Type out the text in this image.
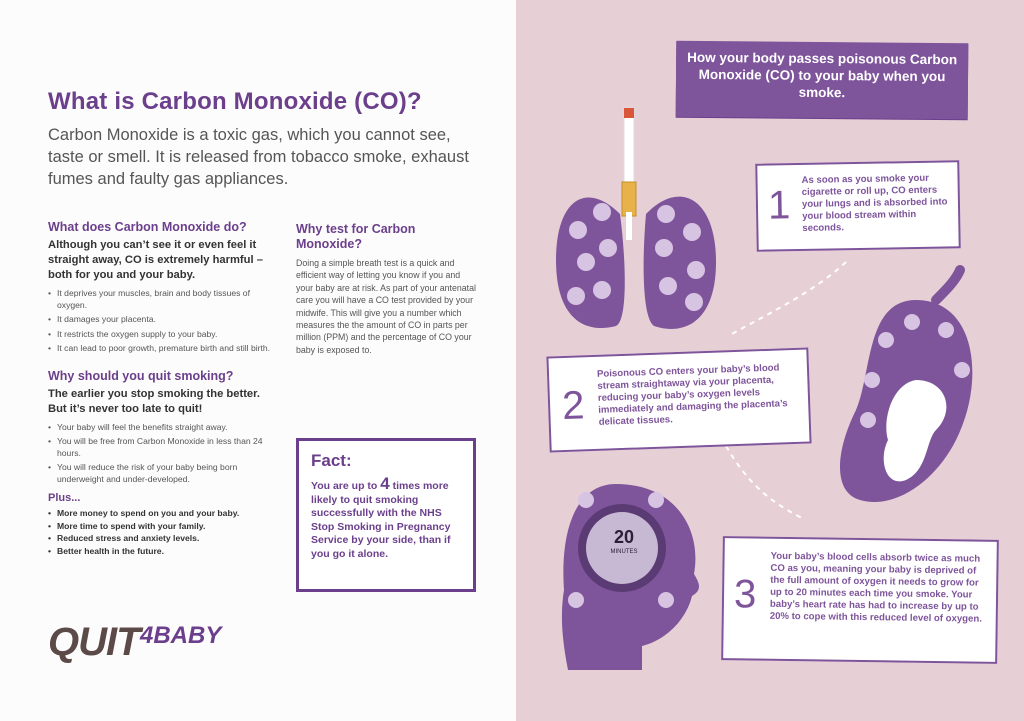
What is Carbon Monoxide (CO)?
Carbon Monoxide is a toxic gas, which you cannot see, taste or smell. It is released from tobacco smoke, exhaust fumes and faulty gas appliances.
What does Carbon Monoxide do?
Although you can’t see it or even feel it straight away, CO is extremely harmful – both for you and your baby.
• It deprives your muscles, brain and body tissues of oxygen.
• It damages your placenta.
• It restricts the oxygen supply to your baby.
• It can lead to poor growth, premature birth and still birth.
Why should you quit smoking?
The earlier you stop smoking the better. But it’s never too late to quit!
• Your baby will feel the benefits straight away.
• You will be free from Carbon Monoxide in less than 24 hours.
• You will reduce the risk of your baby being born underweight and under-developed.
Plus...
• More money to spend on you and your baby.
• More time to spend with your family.
• Reduced stress and anxiety levels.
• Better health in the future.
Why test for Carbon Monoxide?
Doing a simple breath test is a quick and efficient way of letting you know if you and your baby are at risk. As part of your antenatal care you will have a CO test provided by your midwife. This will give you a number which measures the the amount of CO in parts per million (PPM) and the percentage of CO your baby is exposed to.
Fact:
You are up to 4 times more likely to quit smoking successfully with the NHS Stop Smoking in Pregnancy Service by your side, than if you go it alone.
QUIT 4BABY
How your body passes poisonous Carbon Monoxide (CO) to your baby when you smoke.
1
As soon as you smoke your cigarette or roll up, CO enters your lungs and is absorbed into your blood stream within seconds.
2
Poisonous CO enters your baby’s blood stream straightaway via your placenta, reducing your baby’s oxygen levels immediately and damaging the placenta’s delicate tissues.
3
Your baby’s blood cells absorb twice as much CO as you, meaning your baby is deprived of the full amount of oxygen it needs to grow for up to 20 minutes each time you smoke. Your baby’s heart rate has had to increase by up to 20% to cope with this reduced level of oxygen.
20
MINUTES
